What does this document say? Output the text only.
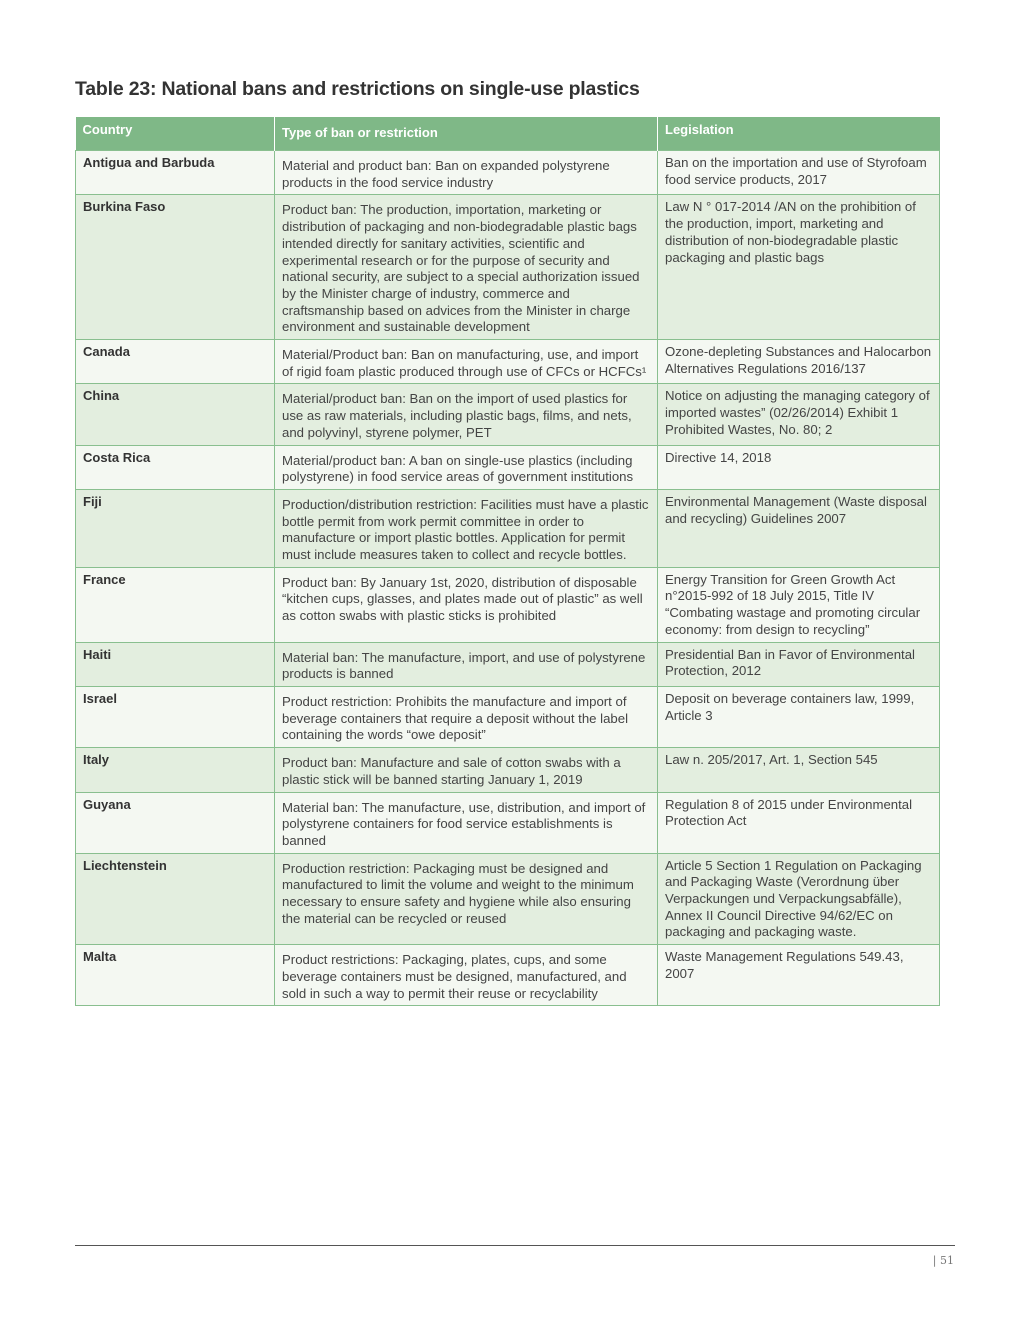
Table 23: National bans and restrictions on single-use plastics
Country	Type of ban or restriction	Legislation
Antigua and Barbuda	Material and product ban: Ban on expanded polystyrene products in the food service industry	Ban on the importation and use of Styrofoam food service products, 2017
Burkina Faso	Product ban: The production, importation, marketing or distribution of packaging and non-biodegradable plastic bags intended directly for sanitary activities, scientific and experimental research or for the purpose of security and national security, are subject to a special authorization issued by the Minister charge of industry, commerce and craftsmanship based on advices from the Minister in charge environment and sustainable development	Law N ° 017-2014 /AN on the prohibition of the production, import, marketing and distribution of non-biodegradable plastic packaging and plastic bags
Canada	Material/Product ban: Ban on manufacturing, use, and import of rigid foam plastic produced through use of CFCs or HCFCs¹	Ozone-depleting Substances and Halocarbon Alternatives Regulations 2016/137
China	Material/product ban: Ban on the import of used plastics for use as raw materials, including plastic bags, films, and nets, and polyvinyl, styrene polymer, PET	Notice on adjusting the managing category of imported wastes” (02/26/2014) Exhibit 1 Prohibited Wastes, No. 80; 2
Costa Rica	Material/product ban: A ban on single-use plastics (including polystyrene) in food service areas of government institutions	Directive 14, 2018
Fiji	Production/distribution restriction: Facilities must have a plastic bottle permit from work permit committee in order to manufacture or import plastic bottles. Application for permit must include measures taken to collect and recycle bottles.	Environmental Management (Waste disposal and recycling) Guidelines 2007
France	Product ban: By January 1st, 2020, distribution of disposable “kitchen cups, glasses, and plates made out of plastic” as well as cotton swabs with plastic sticks is prohibited	Energy Transition for Green Growth Act n°2015-992 of 18 July 2015, Title IV “Combating wastage and promoting circular economy: from design to recycling”
Haiti	Material ban: The manufacture, import, and use of polystyrene products is banned	Presidential Ban in Favor of Environmental Protection, 2012
Israel	Product restriction: Prohibits the manufacture and import of beverage containers that require a deposit without the label containing the words “owe deposit”	Deposit on beverage containers law, 1999, Article 3
Italy	Product ban: Manufacture and sale of cotton swabs with a plastic stick will be banned starting January 1, 2019	Law n. 205/2017, Art. 1, Section 545
Guyana	Material ban: The manufacture, use, distribution, and import of polystyrene containers for food service establishments is banned	Regulation 8 of 2015 under Environmental Protection Act
Liechtenstein	Production restriction: Packaging must be designed and manufactured to limit the volume and weight to the minimum necessary to ensure safety and hygiene while also ensuring the material can be recycled or reused	Article 5 Section 1 Regulation on Packaging and Packaging Waste (Verordnung über Verpackungen und Verpackungsabfälle), Annex II Council Directive 94/62/EC on packaging and packaging waste.
Malta	Product restrictions: Packaging, plates, cups, and some beverage containers must be designed, manufactured, and sold in such a way to permit their reuse or recyclability	Waste Management Regulations 549.43, 2007
| 51
